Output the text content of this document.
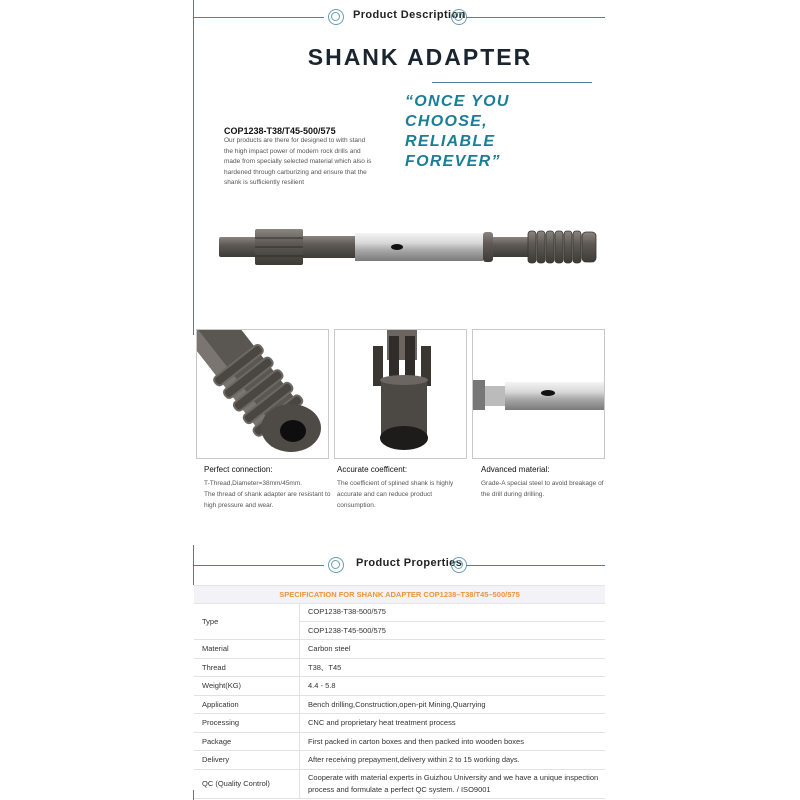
Product Description
SHANK ADAPTER
“ONCE YOU CHOOSE,
RELIABLE FOREVER”
COP1238-T38/T45-500/575
Our products are there for designed to with stand the high impact power of modern rock drills and made from specially selected material which also is hardened through carburizing and ensure that the shank is sufficiently resilient
Perfect connection:
T-Thread,Diameter=38mm/45mm.
The thread of shank adapter are resistant to high pressure and wear.
Accurate coefficent:
The coefficient of splined shank is highly accurate and can reduce product consumption.
Advanced material:
Grade-A special steel to avoid breakage of the drill during drilling.
Product Properties
SPECIFICATION FOR SHANK ADAPTER COP1238–T38/T45–500/575
Type	COP1238-T38-500/575
	COP1238-T45-500/575
Material	Carbon steel
Thread	T38、T45
Weight(KG)	4.4 - 5.8
Application	Bench drilling,Construction,open-pit Mining,Quarrying
Processing	CNC and proprietary heat treatment process
Package	First packed in carton boxes and then packed into wooden boxes
Delivery	After receiving prepayment,delivery within 2 to 15 working days.
QC (Quality Control)	Cooperate with material experts in Guizhou University and we have a unique inspection process and formulate a perfect QC system. / ISO9001
